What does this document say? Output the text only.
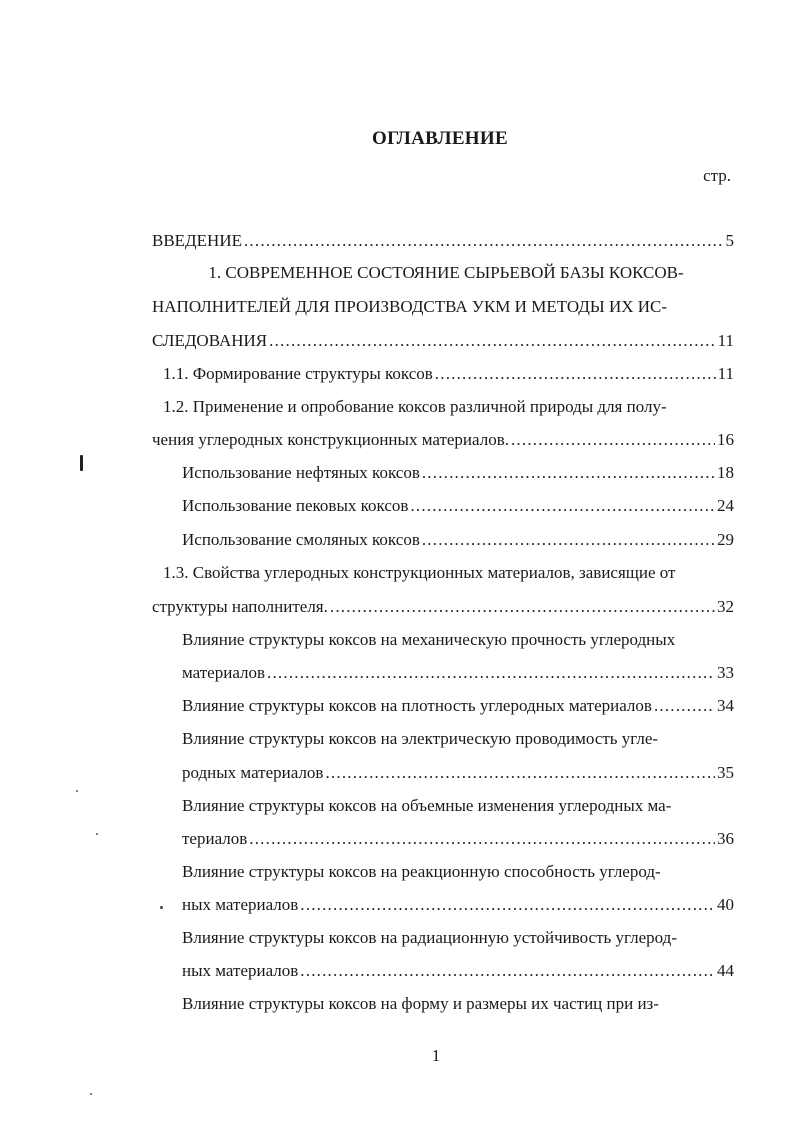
ОГЛАВЛЕНИЕ
стр.
ВВЕДЕНИЕ .....	5
1. СОВРЕМЕННОЕ СОСТОЯНИЕ СЫРЬЕВОЙ БАЗЫ КОКСОВ-
НАПОЛНИТЕЛЕЙ ДЛЯ ПРОИЗВОДСТВА УКМ И МЕТОДЫ ИХ ИС-
СЛЕДОВАНИЯ .....	11
1.1. Формирование структуры коксов .....	11
1.2. Применение и опробование коксов различной природы для полу-
чения углеродных конструкционных материалов. .....	16
Использование нефтяных коксов .....	18
Использование пековых коксов .....	24
Использование смоляных коксов .....	29
1.3. Свойства углеродных конструкционных материалов, зависящие от
структуры наполнителя. .....	32
Влияние структуры коксов на механическую прочность углеродных
материалов .....	33
Влияние структуры коксов на плотность углеродных материалов .....	34
Влияние структуры коксов на электрическую проводимость угле-
родных материалов .....	35
Влияние структуры коксов на объемные изменения углеродных ма-
териалов .....	36
Влияние структуры коксов на реакционную способность углерод-
ных материалов .....	40
Влияние структуры коксов на радиационную устойчивость углерод-
ных материалов .....	44
Влияние структуры коксов на форму и размеры их частиц при из-
1
